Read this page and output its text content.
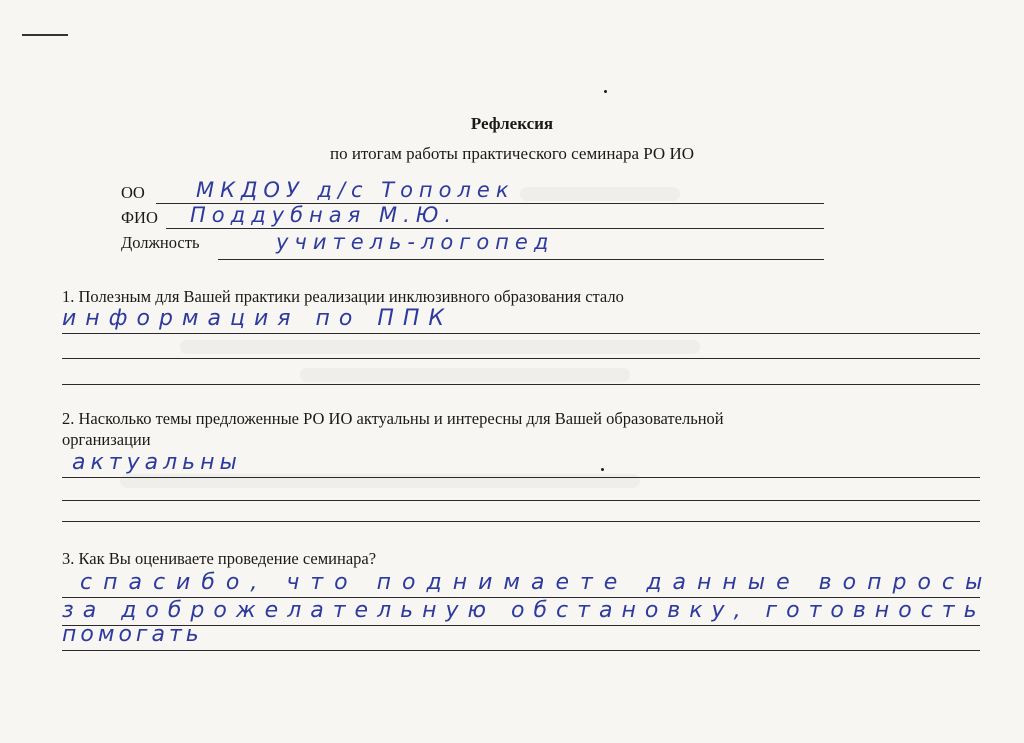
Рефлексия
по итогам работы практического семинара РО ИО
ОО МКДОУ д/с Тополек
ФИО Поддубная М.Ю.
Должность	учитель-логопед
1. Полезным для Вашей практики реализации инклюзивного образования стало
информация по ППК
2. Насколько темы предложенные РО ИО актуальны и интересны для Вашей образовательной
организации
актуальны
3. Как Вы оцениваете проведение семинара?
спасибо, что поднимаете данные вопросы
за доброжелательную обстановку, готовность
помогать
